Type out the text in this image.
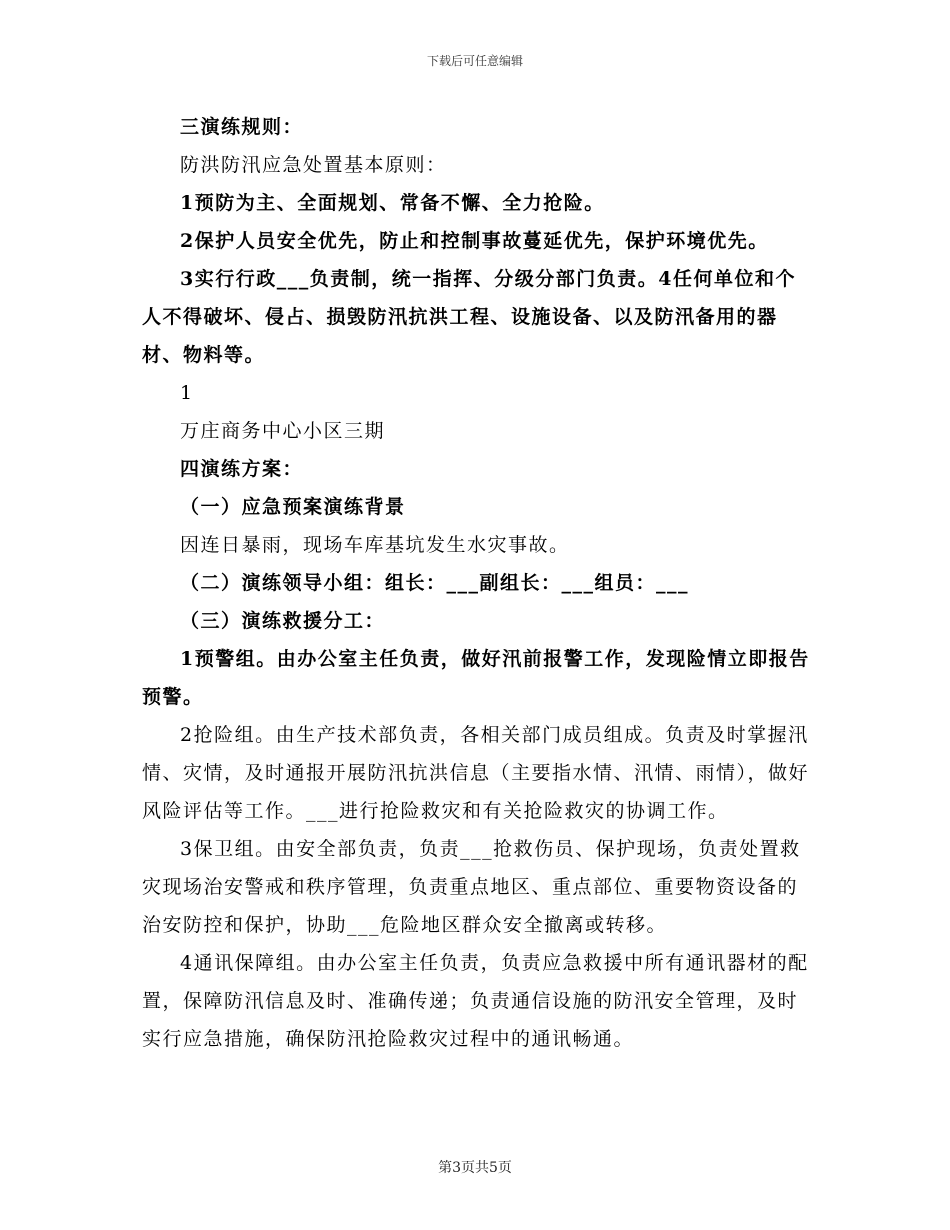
下载后可任意编辑

三演练规则：

防洪防汛应急处置基本原则：

1预防为主、全面规划、常备不懈、全力抢险。

2保护人员安全优先，防止和控制事故蔓延优先，保护环境优先。

3实行行政___负责制，统一指挥、分级分部门负责。4任何单位和个人不得破坏、侵占、损毁防汛抗洪工程、设施设备、以及防汛备用的器材、物料等。

1

万庄商务中心小区三期

四演练方案：

（一）应急预案演练背景

因连日暴雨，现场车库基坑发生水灾事故。

（二）演练领导小组：组长：___副组长：___组员：___

（三）演练救援分工：

1预警组。由办公室主任负责，做好汛前报警工作，发现险情立即报告预警。

2抢险组。由生产技术部负责，各相关部门成员组成。负责及时掌握汛情、灾情，及时通报开展防汛抗洪信息（主要指水情、汛情、雨情），做好风险评估等工作。___进行抢险救灾和有关抢险救灾的协调工作。

3保卫组。由安全部负责，负责___抢救伤员、保护现场，负责处置救灾现场治安警戒和秩序管理，负责重点地区、重点部位、重要物资设备的治安防控和保护，协助___危险地区群众安全撤离或转移。

4通讯保障组。由办公室主任负责，负责应急救援中所有通讯器材的配置，保障防汛信息及时、准确传递；负责通信设施的防汛安全管理，及时实行应急措施，确保防汛抢险救灾过程中的通讯畅通。

第3页共5页
